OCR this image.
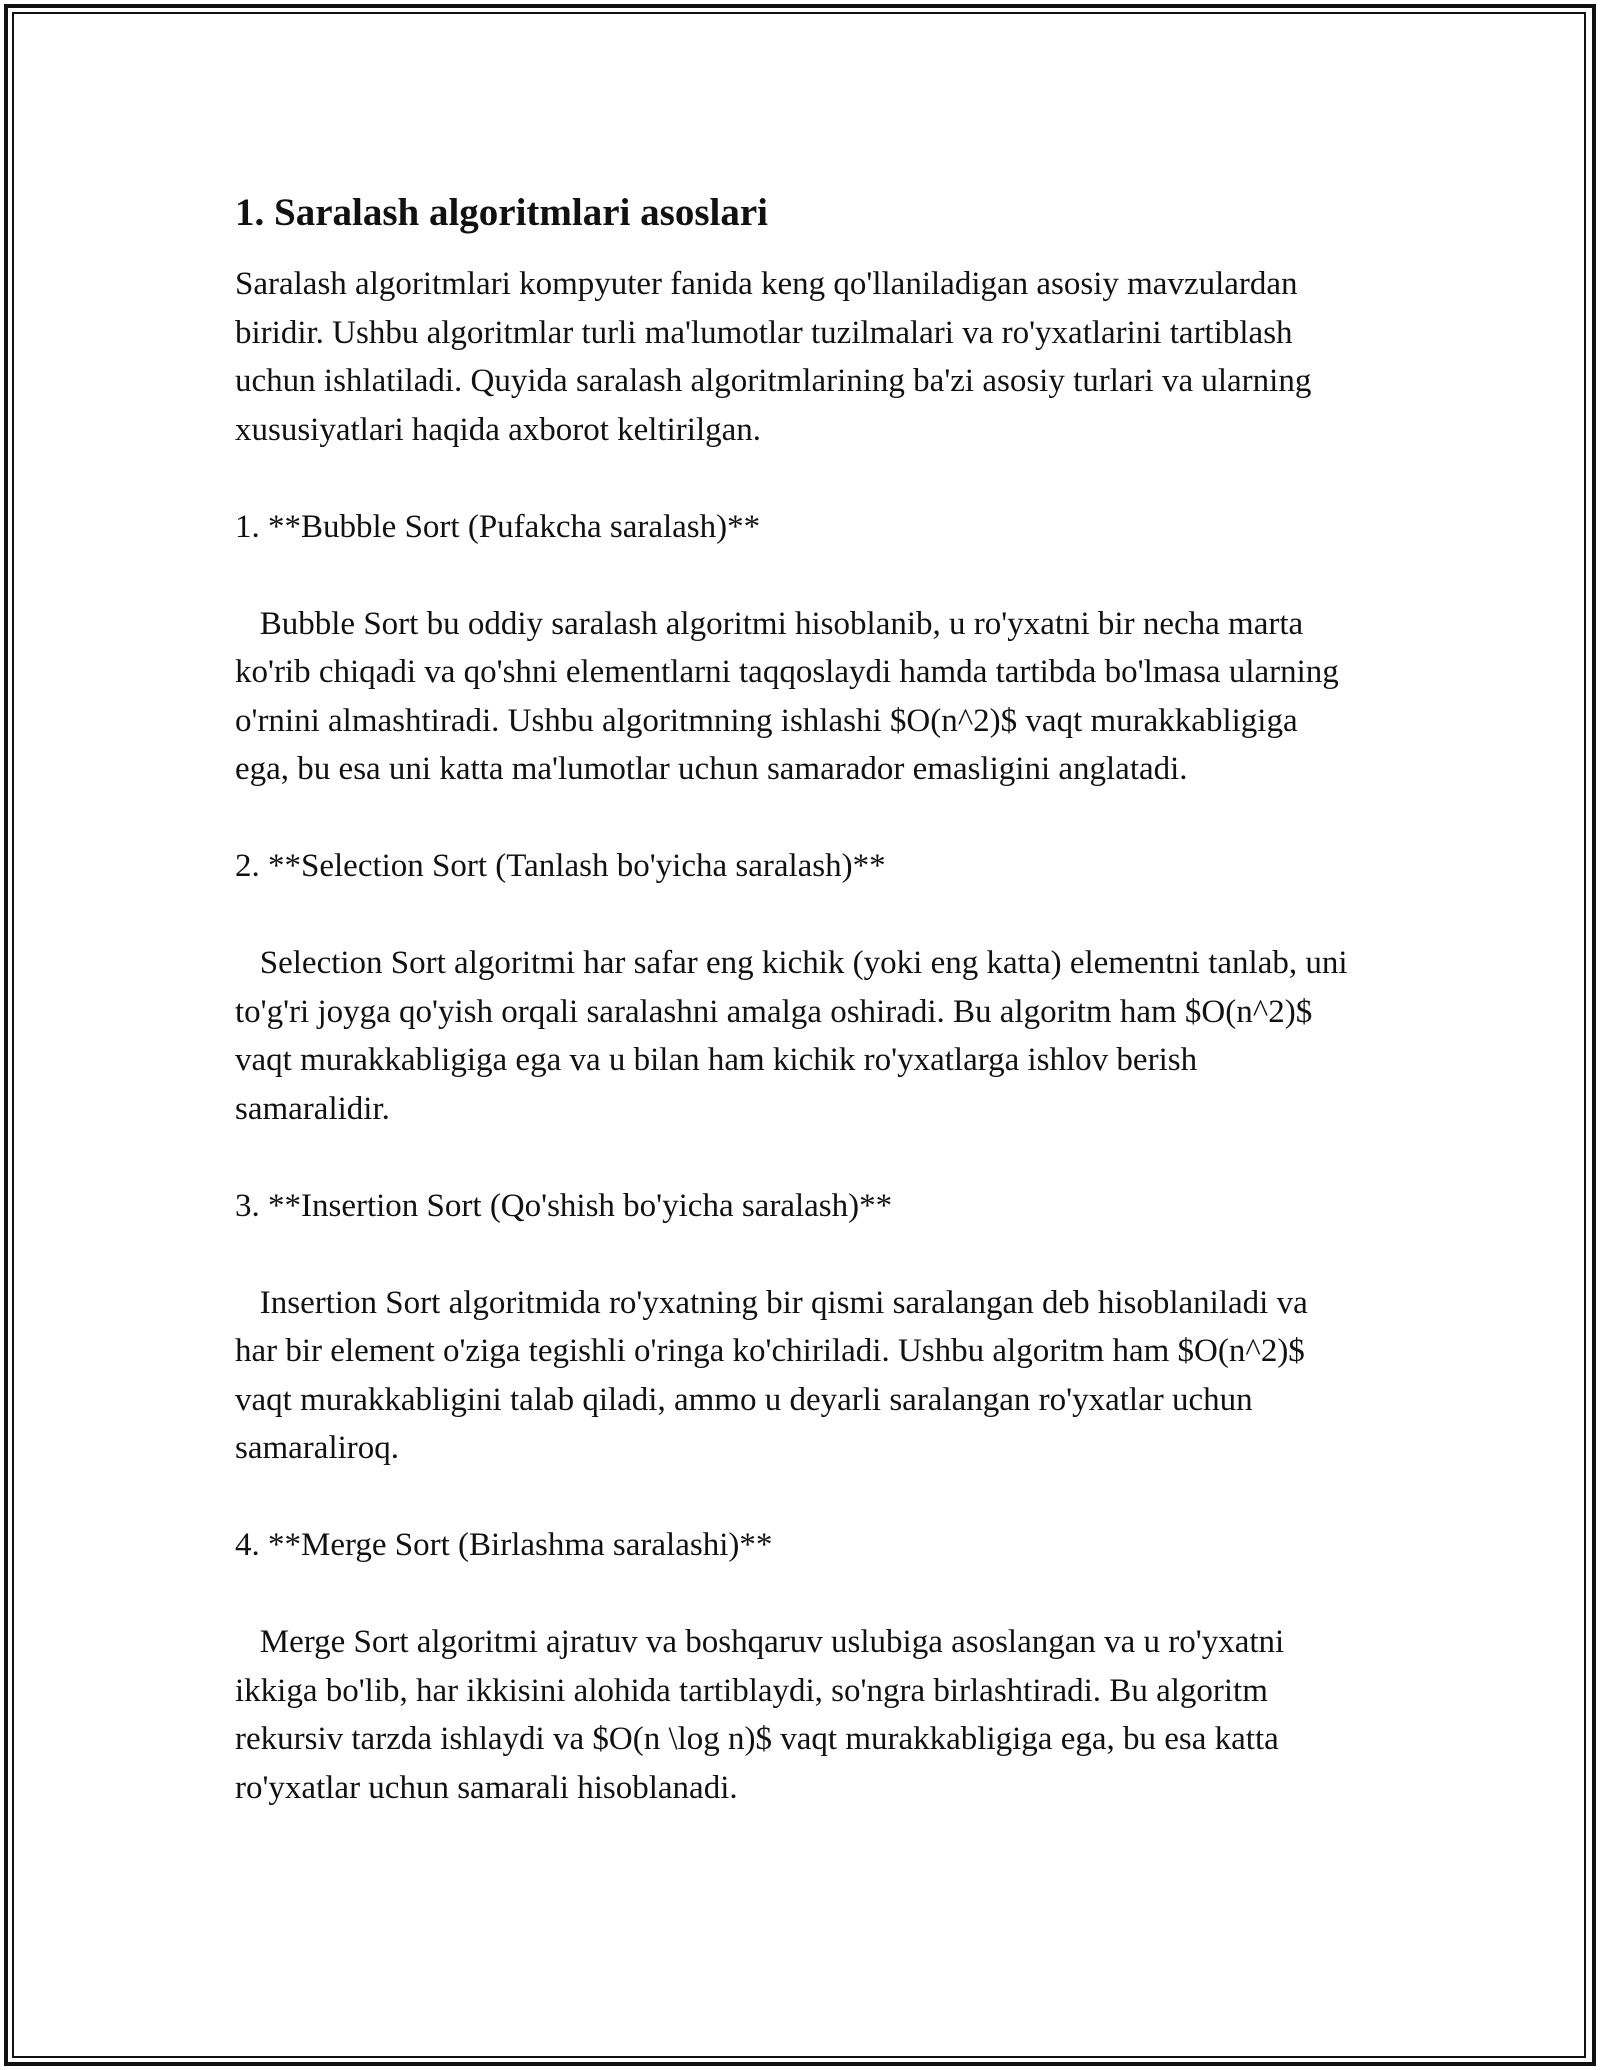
1. Saralash algoritmlari asoslari

Saralash algoritmlari kompyuter fanida keng qo'llaniladigan asosiy mavzulardan biridir. Ushbu algoritmlar turli ma'lumotlar tuzilmalari va ro'yxatlarini tartiblash uchun ishlatiladi. Quyida saralash algoritmlarining ba'zi asosiy turlari va ularning xususiyatlari haqida axborot keltirilgan.

1. **Bubble Sort (Pufakcha saralash)**

Bubble Sort bu oddiy saralash algoritmi hisoblanib, u ro'yxatni bir necha marta ko'rib chiqadi va qo'shni elementlarni taqqoslaydi hamda tartibda bo'lmasa ularning o'rnini almashtiradi. Ushbu algoritmning ishlashi $O(n^2)$ vaqt murakkabligiga ega, bu esa uni katta ma'lumotlar uchun samarador emasligini anglatadi.

2. **Selection Sort (Tanlash bo'yicha saralash)**

Selection Sort algoritmi har safar eng kichik (yoki eng katta) elementni tanlab, uni to'g'ri joyga qo'yish orqali saralashni amalga oshiradi. Bu algoritm ham $O(n^2)$ vaqt murakkabligiga ega va u bilan ham kichik ro'yxatlarga ishlov berish samaralidir.

3. **Insertion Sort (Qo'shish bo'yicha saralash)**

Insertion Sort algoritmida ro'yxatning bir qismi saralangan deb hisoblaniladi va har bir element o'ziga tegishli o'ringa ko'chiriladi. Ushbu algoritm ham $O(n^2)$ vaqt murakkabligini talab qiladi, ammo u deyarli saralangan ro'yxatlar uchun samaraliroq.

4. **Merge Sort (Birlashma saralashi)**

Merge Sort algoritmi ajratuv va boshqaruv uslubiga asoslangan va u ro'yxatni ikkiga bo'lib, har ikkisini alohida tartiblaydi, so'ngra birlashtiradi. Bu algoritm rekursiv tarzda ishlaydi va $O(n \log n)$ vaqt murakkabligiga ega, bu esa katta ro'yxatlar uchun samarali hisoblanadi.
